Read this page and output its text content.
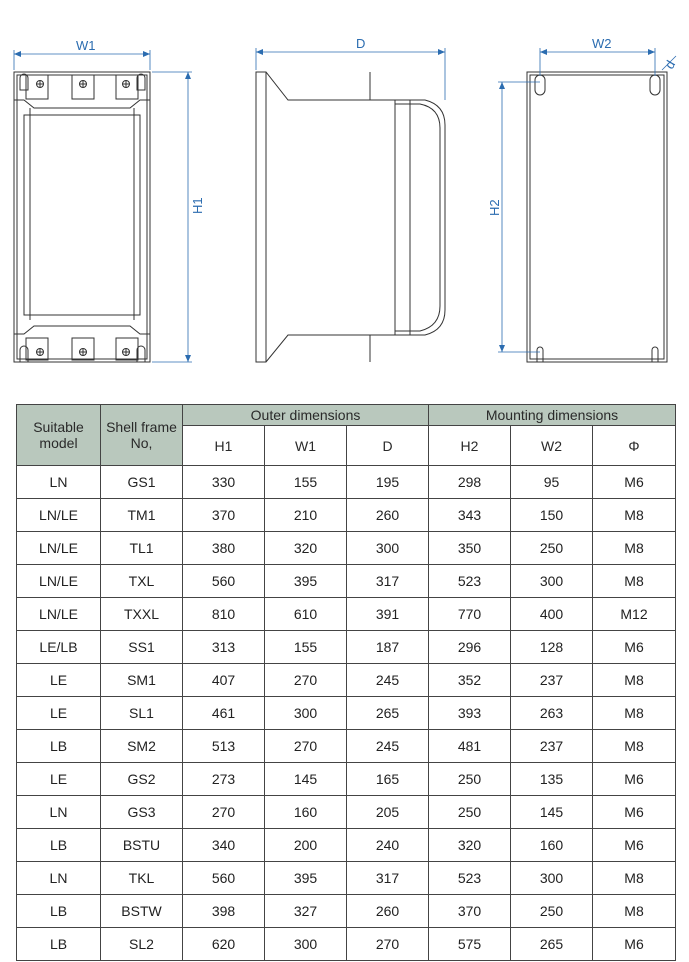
W1
H1
D	W2
H2
d
Suitable
model	Shell frame
No,	Outer dimensions			Mounting dimensions		
		H1	W1	D	H2	W2	Φ
LN	GS1	330	155	195	298	95	M6
LN/LE	TM1	370	210	260	343	150	M8
LN/LE	TL1	380	320	300	350	250	M8
LN/LE	TXL	560	395	317	523	300	M8
LN/LE	TXXL	810	610	391	770	400	M12
LE/LB	SS1	313	155	187	296	128	M6
LE	SM1	407	270	245	352	237	M8
LE	SL1	461	300	265	393	263	M8
LB	SM2	513	270	245	481	237	M8
LE	GS2	273	145	165	250	135	M6
LN	GS3	270	160	205	250	145	M6
LB	BSTU	340	200	240	320	160	M6
LN	TKL	560	395	317	523	300	M8
LB	BSTW	398	327	260	370	250	M8
LB	SL2	620	300	270	575	265	M6
